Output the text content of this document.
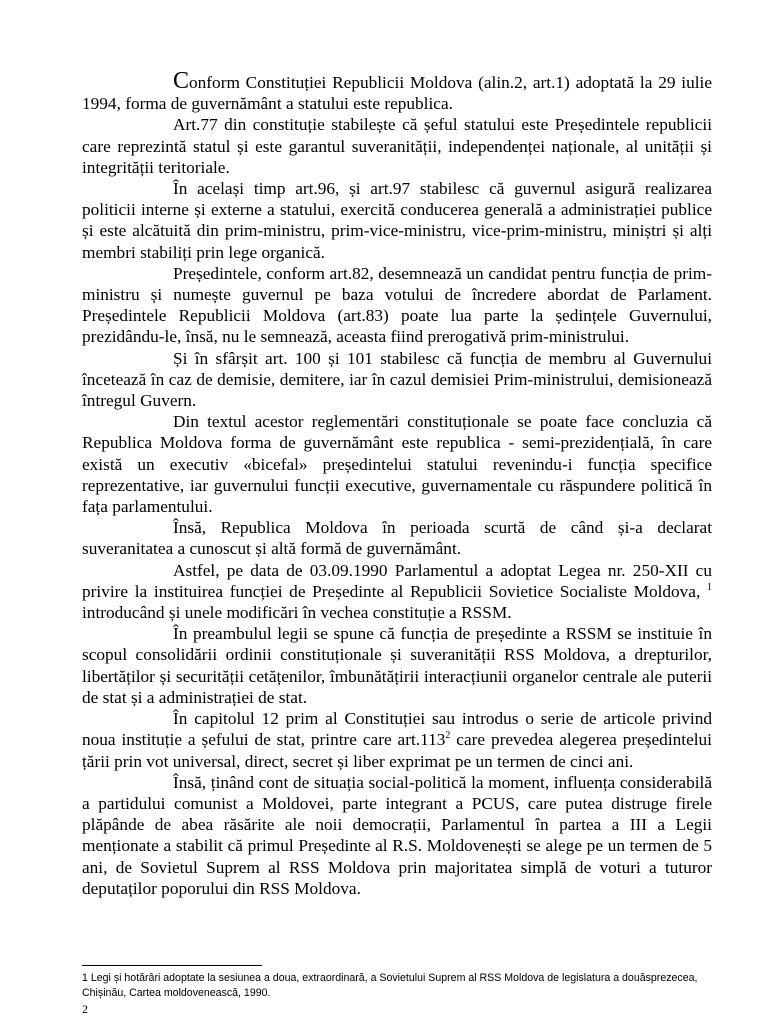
Conform Constituției Republicii Moldova (alin.2, art.1) adoptată la 29 iulie 1994, forma de guvernământ a statului este republica.

Art.77 din constituție stabilește că șeful statului este Președintele republicii care reprezintă statul și este garantul suveranității, independenței naționale, al unității și integrității teritoriale.

În același timp art.96, și art.97 stabilesc că guvernul asigură realizarea politicii interne și externe a statului, exercită conducerea generală a administrației publice și este alcătuită din prim-ministru, prim-vice-ministru, vice-prim-ministru, miniștri și alți membri stabiliți prin lege organică.

Președintele, conform art.82, desemnează un candidat pentru funcția de prim-ministru și numește guvernul pe baza votului de încredere abordat de Parlament. Președintele Republicii Moldova (art.83) poate lua parte la ședințele Guvernului, prezidându-le, însă, nu le semnează, aceasta fiind prerogativă prim-ministrului.

Și în sfârșit art. 100 și 101 stabilesc că funcția de membru al Guvernului încetează în caz de demisie, demitere, iar în cazul demisiei Prim-ministrului, demisionează întregul Guvern.

Din textul acestor reglementări constituționale se poate face concluzia că Republica Moldova forma de guvernământ este republica - semi-prezidențială, în care există un executiv «bicefal» președintelui statului revenindu-i funcția specifice reprezentative, iar guvernului funcții executive, guvernamentale cu răspundere politică în fața parlamentului.

Însă, Republica Moldova în perioada scurtă de când și-a declarat suveranitatea a cunoscut și altă formă de guvernământ.

Astfel, pe data de 03.09.1990 Parlamentul a adoptat Legea nr. 250-XII cu privire la instituirea funcției de Președinte al Republicii Sovietice Socialiste Moldova, $^1$ introducând și unele modificări în vechea constituție a RSSM.

În preambulul legii se spune că funcția de președinte a RSSM se instituie în scopul consolidării ordinii constituționale și suveranității RSS Moldova, a drepturilor, libertăților și securității cetățenilor, îmbunătățirii interacțiunii organelor centrale ale puterii de stat și a administrației de stat.

În capitolul 12 prim al Constituției sau introdus o serie de articole privind noua instituție a șefului de stat, printre care art.113$^2$ care prevedea alegerea președintelui țării prin vot universal, direct, secret și liber exprimat pe un termen de cinci ani.

Însă, ținând cont de situația social-politică la moment, influența considerabilă a partidului comunist a Moldovei, parte integrant a PCUS, care putea distruge firele plăpânde de abea răsărite ale noii democrații, Parlamentul în partea a III a Legii menționate a stabilit că primul Președinte al R.S. Moldovenești se alege pe un termen de 5 ani, de Sovietul Suprem al RSS Moldova prin majoritatea simplă de voturi a tuturor deputaților poporului din RSS Moldova.

1 Legi și hotărâri adoptate la sesiunea a doua, extraordinară, a Sovietului Suprem al RSS Moldova de legislatura a douăsprezecea, Chișinău, Cartea moldovenească, 1990.

2
